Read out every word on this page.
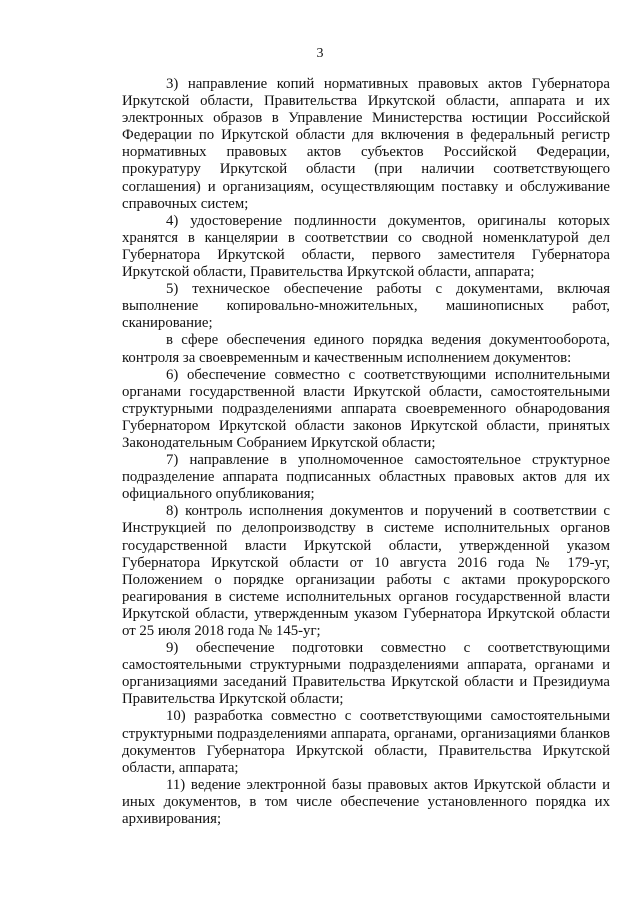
3

3) направление копий нормативных правовых актов Губернатора Иркутской области, Правительства Иркутской области, аппарата и их электронных образов в Управление Министерства юстиции Российской Федерации по Иркутской области для включения в федеральный регистр нормативных правовых актов субъектов Российской Федерации, прокуратуру Иркутской области (при наличии соответствующего соглашения) и организациям, осуществляющим поставку и обслуживание справочных систем;

4) удостоверение подлинности документов, оригиналы которых хранятся в канцелярии в соответствии со сводной номенклатурой дел Губернатора Иркутской области, первого заместителя Губернатора Иркутской области, Правительства Иркутской области, аппарата;

5) техническое обеспечение работы с документами, включая выполнение копировально-множительных, машинописных работ, сканирование;

в сфере обеспечения единого порядка ведения документооборота, контроля за своевременным и качественным исполнением документов:

6) обеспечение совместно с соответствующими исполнительными органами государственной власти Иркутской области, самостоятельными структурными подразделениями аппарата своевременного обнародования Губернатором Иркутской области законов Иркутской области, принятых Законодательным Собранием Иркутской области;

7) направление в уполномоченное самостоятельное структурное подразделение аппарата подписанных областных правовых актов для их официального опубликования;

8) контроль исполнения документов и поручений в соответствии с Инструкцией по делопроизводству в системе исполнительных органов государственной власти Иркутской области, утвержденной указом Губернатора Иркутской области от 10 августа 2016 года № 179-уг, Положением о порядке организации работы с актами прокурорского реагирования в системе исполнительных органов государственной власти Иркутской области, утвержденным указом Губернатора Иркутской области от 25 июля 2018 года № 145-уг;

9) обеспечение подготовки совместно с соответствующими самостоятельными структурными подразделениями аппарата, органами и организациями заседаний Правительства Иркутской области и Президиума Правительства Иркутской области;

10) разработка совместно с соответствующими самостоятельными структурными подразделениями аппарата, органами, организациями бланков документов Губернатора Иркутской области, Правительства Иркутской области, аппарата;

11) ведение электронной базы правовых актов Иркутской области и иных документов, в том числе обеспечение установленного порядка их архивирования;
